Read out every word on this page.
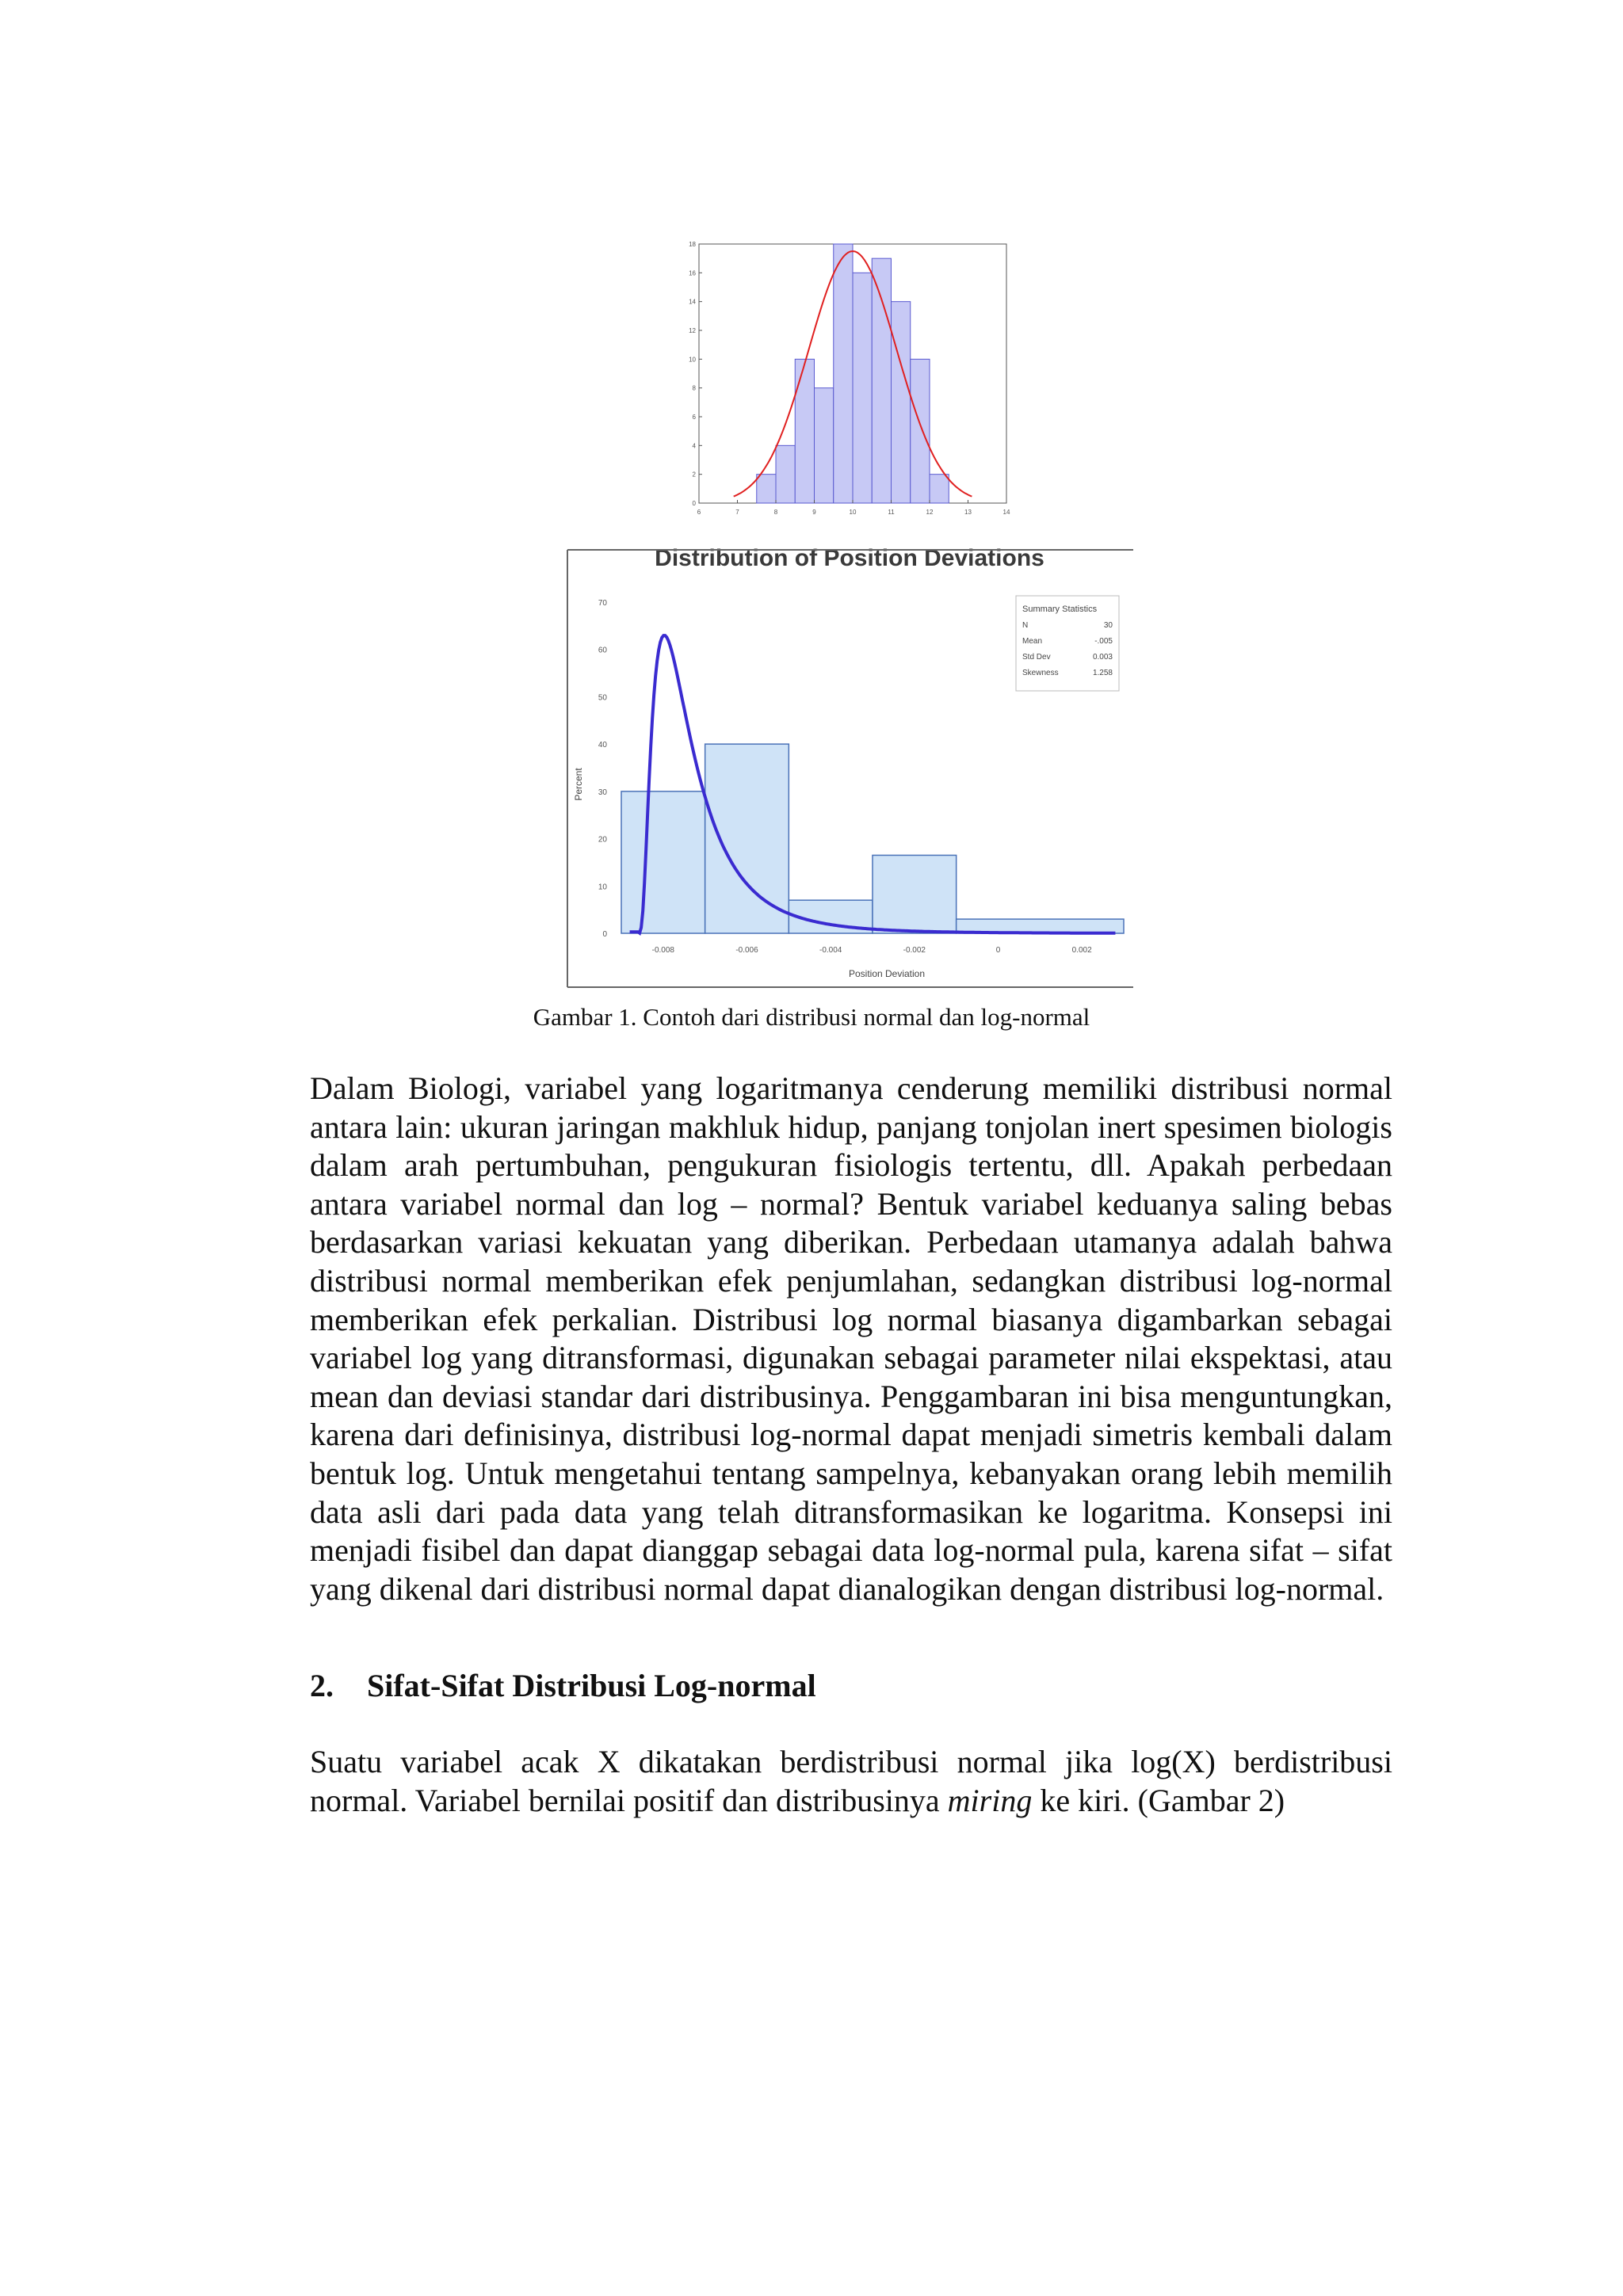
6	7	8	9	10	11	12	13	14
0
2
4
6
8
10
12
14
16
18
Distribution of Position Deviations
-0.008	-0.006	-0.004	-0.002	0	0.002
0
10
20
30
40
50
60
70
Summary Statistics
N	30
Mean	-.005
Std Dev	0.003
Skewness	1.258
Position Deviation
Percent
Gambar 1. Contoh dari distribusi normal dan log-normal

Dalam Biologi, variabel yang logaritmanya cenderung memiliki distribusi normal antara lain: ukuran jaringan makhluk hidup, panjang tonjolan inert spesimen biologis dalam arah pertumbuhan, pengukuran fisiologis tertentu, dll. Apakah perbedaan antara variabel normal dan log – normal? Bentuk variabel keduanya saling bebas berdasarkan variasi kekuatan yang diberikan. Perbedaan utamanya adalah bahwa distribusi normal memberikan efek penjumlahan, sedangkan distribusi log-normal memberikan efek perkalian. Distribusi log normal biasanya digambarkan sebagai variabel log yang ditransformasi, digunakan sebagai parameter nilai ekspektasi, atau mean dan deviasi standar dari distribusinya. Penggambaran ini bisa menguntungkan, karena dari definisinya, distribusi log-normal dapat menjadi simetris kembali dalam bentuk log. Untuk mengetahui tentang sampelnya, kebanyakan orang lebih memilih data asli dari pada data yang telah ditransformasikan ke logaritma. Konsepsi ini menjadi fisibel dan dapat dianggap sebagai data log-normal pula, karena sifat – sifat yang dikenal dari distribusi normal dapat dianalogikan dengan distribusi log-normal.

2. Sifat-Sifat Distribusi Log-normal

Suatu variabel acak X dikatakan berdistribusi normal jika log(X) berdistribusi normal. Variabel bernilai positif dan distribusinya miring ke kiri. (Gambar 2)
